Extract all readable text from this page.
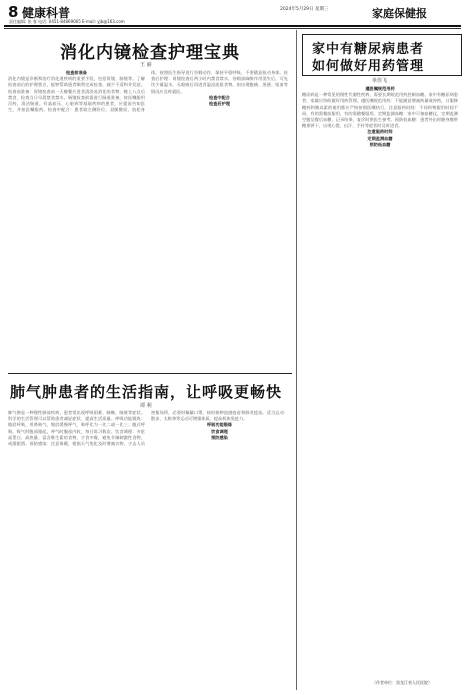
8 健康科普
责任编辑: 张 春 电话: 0451-84869065 E-mail: yjb@163.com
2024年5月29日 星期三	家庭保健报
消化内镜检查护理宝典
王 丽
检查前准备
消化内镜是诊断和治疗消化道疾病的重要手段，包括胃镜、肠镜等。了解检查前后的护理要点，能够帮助患者顺利完成检查，减少不适和并发症。检查前准备：胃镜检查前一天晚餐应进食清淡易消化的食物，晚上八点后禁食，检查当日早晨禁食禁水。肠镜检查前需进行肠道准备，按医嘱服用泻药，清洁肠道。有高血压、心脏病等基础疾病的患者，应提前告知医生，并按医嘱服药。检查中配合：患者取左侧卧位，双腿微屈，放松身体，按照医生指导进行吞咽动作，保持平稳呼吸，不要随意扭动身体。检查后护理：胃镜检查后两小时内禁食禁水，待咽部麻醉作用消失后，可先饮少量温水，无呛咳后再进食温凉流质食物。如出现腹痛、黑便、呕血等情况应及时就医。
检查中配合
检查后护理
肺气肿患者的生活指南，让呼吸更畅快
谭 利
肺气肿是一种慢性肺部疾病，患者常出现呼吸困难、咳嗽、咳痰等症状。科学的生活管理可以帮助患者减轻症状，提高生活质量。呼吸功能锻炼：缩唇呼吸，用鼻吸气，缩唇缓慢呼气，吸呼比为一比二或一比三；腹式呼吸，吸气时腹部隆起，呼气时腹部内收，每日练习数次。饮食调理：多吃高蛋白、高热量、富含维生素的食物，少食多餐，避免辛辣刺激性食物，戒烟限酒。预防感染：注意保暖，根据天气变化及时增减衣物，少去人员密集场所，必要时佩戴口罩，按时接种流感疫苗和肺炎疫苗。适当运动：散步、太极拳等运动可增强体质，提高机体免疫力。
呼吸功能锻炼
饮食调理
预防感染
家中有糖尿病患者
如何做好用药管理
单佳飞
遵医嘱规范用药
糖尿病是一种常见的慢性代谢性疾病，需要长期规范用药控制血糖。家中有糖尿病患者，家属应协助做好用药管理。遵医嘱规范用药：不能随意增减药量或停药，口服降糖药和胰岛素的使用都应严格按照医嘱执行。注意服药时间：不同药物服用时间不同，有的需餐前服用，有的需随餐服用。定期监测血糖：家中可备血糖仪，定期监测空腹及餐后血糖，记录结果，复诊时供医生参考。预防低血糖：患者外出时随身携带糖果饼干，出现心慌、出汗、手抖等症状时及时进食。
注意服药时间
定期监测血糖
预防低血糖
（作者单位：黑龙江省人民医院）
